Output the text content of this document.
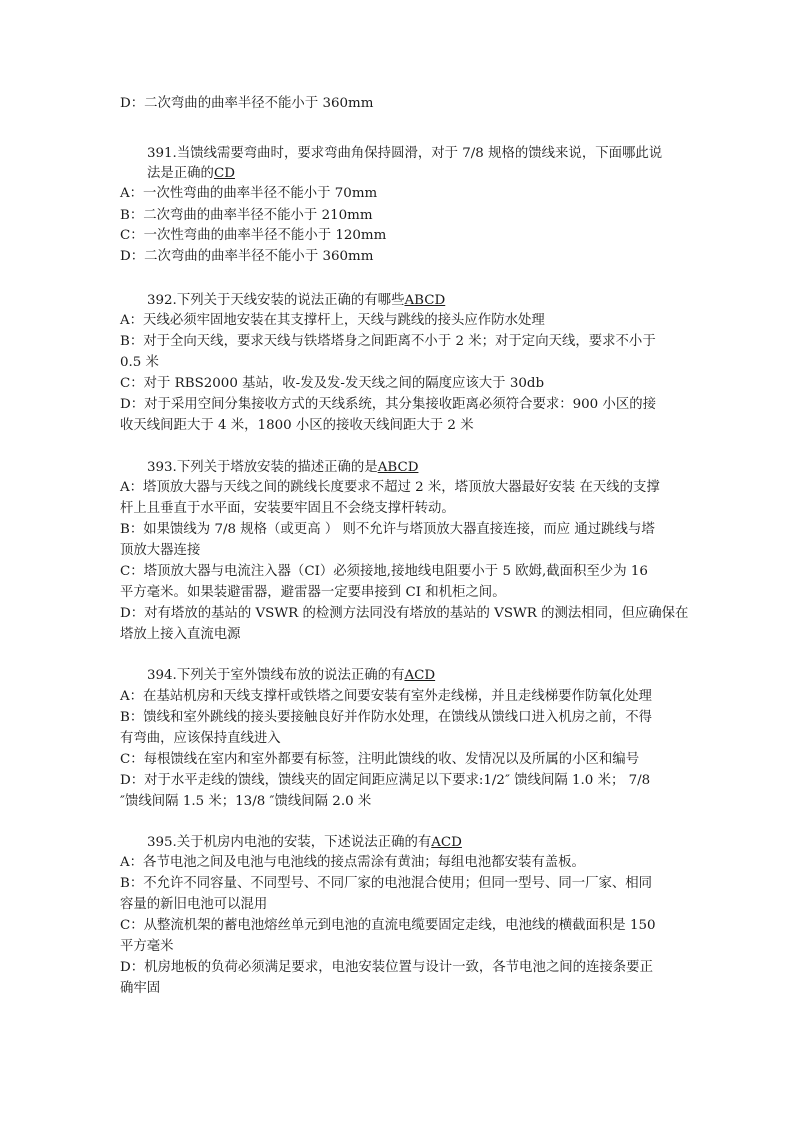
D：二次弯曲的曲率半径不能小于 360mm
391.当馈线需要弯曲时，要求弯曲角保持圆滑，对于 7/8 规格的馈线来说，下面哪此说
法是正确的CD
A：一次性弯曲的曲率半径不能小于 70mm
B：二次弯曲的曲率半径不能小于 210mm
C：一次性弯曲的曲率半径不能小于 120mm
D：二次弯曲的曲率半径不能小于 360mm
392.下列关于天线安装的说法正确的有哪些ABCD
A：天线必须牢固地安装在其支撑杆上，天线与跳线的接头应作防水处理
B：对于全向天线，要求天线与铁塔塔身之间距离不小于 2 米；对于定向天线，要求不小于
0.5 米
C：对于 RBS2000 基站，收-发及发-发天线之间的隔度应该大于 30db
D：对于采用空间分集接收方式的天线系统，其分集接收距离必须符合要求：900 小区的接
收天线间距大于 4 米，1800 小区的接收天线间距大于 2 米
393.下列关于塔放安装的描述正确的是ABCD
A：塔顶放大器与天线之间的跳线长度要求不超过 2 米，塔顶放大器最好安装 在天线的支撑
杆上且垂直于水平面，安装要牢固且不会绕支撑杆转动。
B：如果馈线为 7/8 规格（或更高 ） 则不允许与塔顶放大器直接连接，而应 通过跳线与塔
顶放大器连接
C：塔顶放大器与电流注入器（CI）必须接地,接地线电阻要小于 5 欧姆,截面积至少为 16
平方毫米。如果装避雷器，避雷器一定要串接到 CI 和机柜之间。
D：对有塔放的基站的 VSWR 的检测方法同没有塔放的基站的 VSWR 的测法相同，但应确保在
塔放上接入直流电源
394.下列关于室外馈线布放的说法正确的有ACD
A：在基站机房和天线支撑杆或铁塔之间要安装有室外走线梯，并且走线梯要作防氧化处理
B：馈线和室外跳线的接头要接触良好并作防水处理，在馈线从馈线口进入机房之前，不得
有弯曲，应该保持直线进入
C：每根馈线在室内和室外都要有标签，注明此馈线的收、发情况以及所属的小区和编号
D：对于水平走线的馈线，馈线夹的固定间距应满足以下要求:1/2″ 馈线间隔 1.0 米； 7/8
″馈线间隔 1.5 米；13/8 ″馈线间隔 2.0 米
395.关于机房内电池的安装，下述说法正确的有ACD
A：各节电池之间及电池与电池线的接点需涂有黄油；每组电池都安装有盖板。
B：不允许不同容量、不同型号、不同厂家的电池混合使用；但同一型号、同一厂家、相同
容量的新旧电池可以混用
C：从整流机架的蓄电池熔丝单元到电池的直流电缆要固定走线，电池线的横截面积是 150
平方毫米
D：机房地板的负荷必须满足要求，电池安装位置与设计一致，各节电池之间的连接条要正
确牢固
